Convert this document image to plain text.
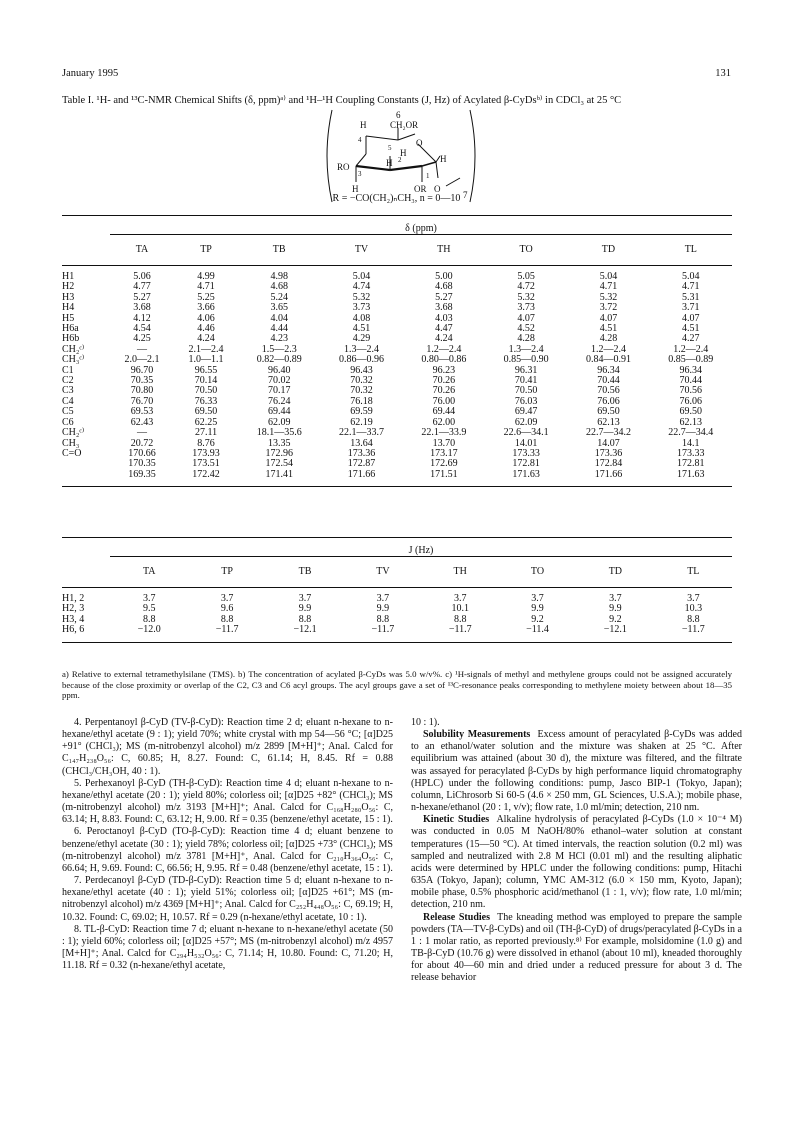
January 1995	131
Table I. ¹H- and ¹³C-NMR Chemical Shifts (δ, ppm)ᵃ⁾ and ¹H–¹H Coupling Constants (J, Hz) of Acylated β-CyDsᵇ⁾ in CDCl₃ at 25 °C
6
H	CH₂OR
4
5	O
H
H 2
RO
3
H
H
OR
1
O
7
R = −CO(CH₂)ₙCH₃, n = 0—10
	δ (ppm)							
	TA	TP	TB	TV	TH	TO	TD	TL

H1	5.06	4.99	4.98	5.04	5.00	5.05	5.04	5.04
H2	4.77	4.71	4.68	4.74	4.68	4.72	4.71	4.71
H3	5.27	5.25	5.24	5.32	5.27	5.32	5.32	5.31
H4	3.68	3.66	3.65	3.73	3.68	3.73	3.72	3.71
H5	4.12	4.06	4.04	4.08	4.03	4.07	4.07	4.07
H6a	4.54	4.46	4.44	4.51	4.47	4.52	4.51	4.51
H6b	4.25	4.24	4.23	4.29	4.24	4.28	4.28	4.27
CH₂ᶜ⁾	—	2.1—2.4	1.5—2.3	1.3—2.4	1.2—2.4	1.3—2.4	1.2—2.4	1.2—2.4
CH₃ᶜ⁾	2.0—2.1	1.0—1.1	0.82—0.89	0.86—0.96	0.80—0.86	0.85—0.90	0.84—0.91	0.85—0.89
C1	96.70	96.55	96.40	96.43	96.23	96.31	96.34	96.34
C2	70.35	70.14	70.02	70.32	70.26	70.41	70.44	70.44
C3	70.80	70.50	70.17	70.32	70.26	70.50	70.56	70.56
C4	76.70	76.33	76.24	76.18	76.00	76.03	76.06	76.06
C5	69.53	69.50	69.44	69.59	69.44	69.47	69.50	69.50
C6	62.43	62.25	62.09	62.19	62.00	62.09	62.13	62.13
CH₂ᶜ⁾	—	27.11	18.1—35.6	22.1—33.7	22.1—33.9	22.6—34.1	22.7—34.2	22.7—34.4
CH₃	20.72	8.76	13.35	13.64	13.70	14.01	14.07	14.1
C=O	170.66	173.93	172.96	173.36	173.17	173.33	173.36	173.33
	170.35	173.51	172.54	172.87	172.69	172.81	172.84	172.81
	169.35	172.42	171.41	171.66	171.51	171.63	171.66	171.63

	J (Hz)							
	TA	TP	TB	TV	TH	TO	TD	TL

H1, 2	3.7	3.7	3.7	3.7	3.7	3.7	3.7	3.7
H2, 3	9.5	9.6	9.9	9.9	10.1	9.9	9.9	10.3
H3, 4	8.8	8.8	8.8	8.8	8.8	9.2	9.2	8.8
H6, 6	−12.0	−11.7	−12.1	−11.7	−11.7	−11.4	−12.1	−11.7

a) Relative to external tetramethylsilane (TMS). b) The concentration of acylated β-CyDs was 5.0 w/v%. c) ¹H-signals of methyl and methylene groups could not be assigned accurately because of the close proximity or overlap of the C2, C3 and C6 acyl groups. The acyl groups gave a set of ¹³C-resonance peaks corresponding to methylene moiety between about 18—35 ppm.

4. Perpentanoyl β-CyD (TV-β-CyD): Reaction time 2 d; eluant n-hexane to n-hexane/ethyl acetate (9 : 1); yield 70%; white crystal with mp 54—56 °C; [α]D25 +91° (CHCl₃); MS (m-nitrobenzyl alcohol) m/z 2899 [M+H]⁺; Anal. Calcd for C₁₄₇H₂₃₈O₅₆: C, 60.85; H, 8.27. Found: C, 61.14; H, 8.45. Rf = 0.88 (CHCl₃/CH₃OH, 40 : 1).

5. Perhexanoyl β-CyD (TH-β-CyD): Reaction time 4 d; eluant n-hexane to n-hexane/ethyl acetate (20 : 1); yield 80%; colorless oil; [α]D25 +82° (CHCl₃); MS (m-nitrobenzyl alcohol) m/z 3193 [M+H]⁺; Anal. Calcd for C₁₆₈H₂₈₀O₅₆: C, 63.14; H, 8.83. Found: C, 63.12; H, 9.00. Rf = 0.35 (benzene/ethyl acetate, 15 : 1).

6. Peroctanoyl β-CyD (TO-β-CyD): Reaction time 4 d; eluant benzene to benzene/ethyl acetate (30 : 1); yield 78%; colorless oil; [α]D25 +73° (CHCl₃); MS (m-nitrobenzyl alcohol) m/z 3781 [M+H]⁺, Anal. Calcd for C₂₁₀H₃₆₄O₅₆: C, 66.64; H, 9.69. Found: C, 66.56; H, 9.95. Rf = 0.48 (benzene/ethyl acetate, 15 : 1).

7. Perdecanoyl β-CyD (TD-β-CyD): Reaction time 5 d; eluant n-hexane to n-hexane/ethyl acetate (40 : 1); yield 51%; colorless oil; [α]D25 +61°; MS (m-nitrobenzyl alcohol) m/z 4369 [M+H]⁺; Anal. Calcd for C₂₅₂H₄₄₈O₅₆: C, 69.19; H, 10.32. Found: C, 69.02; H, 10.57. Rf = 0.29 (n-hexane/ethyl acetate, 10 : 1).

8. TL-β-CyD: Reaction time 7 d; eluant n-hexane to n-hexane/ethyl acetate (50 : 1); yield 60%; colorless oil; [α]D25 +57°; MS (m-nitrobenzyl alcohol) m/z 4957 [M+H]⁺; Anal. Calcd for C₂₉₄H₅₃₂O₅₆: C, 71.14; H, 10.80. Found: C, 71.20; H, 11.18. Rf = 0.32 (n-hexane/ethyl acetate,

10 : 1).

Solubility Measurements Excess amount of peracylated β-CyDs was added to an ethanol/water solution and the mixture was shaken at 25 °C. After equilibrium was attained (about 30 d), the mixture was filtered, and the filtrate was assayed for peracylated β-CyDs by high performance liquid chromatography (HPLC) under the following conditions: pump, Jasco BIP-1 (Tokyo, Japan); column, LiChrosorb Si 60-5 (4.6 × 250 mm, GL Sciences, U.S.A.); mobile phase, n-hexane/ethanol (20 : 1, v/v); flow rate, 1.0 ml/min; detection, 210 nm.

Kinetic Studies Alkaline hydrolysis of peracylated β-CyDs (1.0 × 10⁻⁴ M) was conducted in 0.05 M NaOH/80% ethanol–water solution at constant temperatures (15—50 °C). At timed intervals, the reaction solution (0.2 ml) was sampled and neutralized with 2.8 M HCl (0.01 ml) and the resulting aliphatic acids were determined by HPLC under the following conditions: pump, Hitachi 635A (Tokyo, Japan); column, YMC AM-312 (6.0 × 150 mm, Kyoto, Japan); mobile phase, 0.5% phosphoric acid/methanol (1 : 1, v/v); flow rate, 1.0 ml/min; detection, 210 nm.

Release Studies The kneading method was employed to prepare the sample powders (TA—TV-β-CyDs) and oil (TH-β-CyD) of drugs/peracylated β-CyDs in a 1 : 1 molar ratio, as reported previously.⁸⁾ For example, molsidomine (1.0 g) and TB-β-CyD (10.76 g) were dissolved in ethanol (about 10 ml), kneaded thoroughly for about 40—60 min and dried under a reduced pressure for about 3 d. The release behavior
